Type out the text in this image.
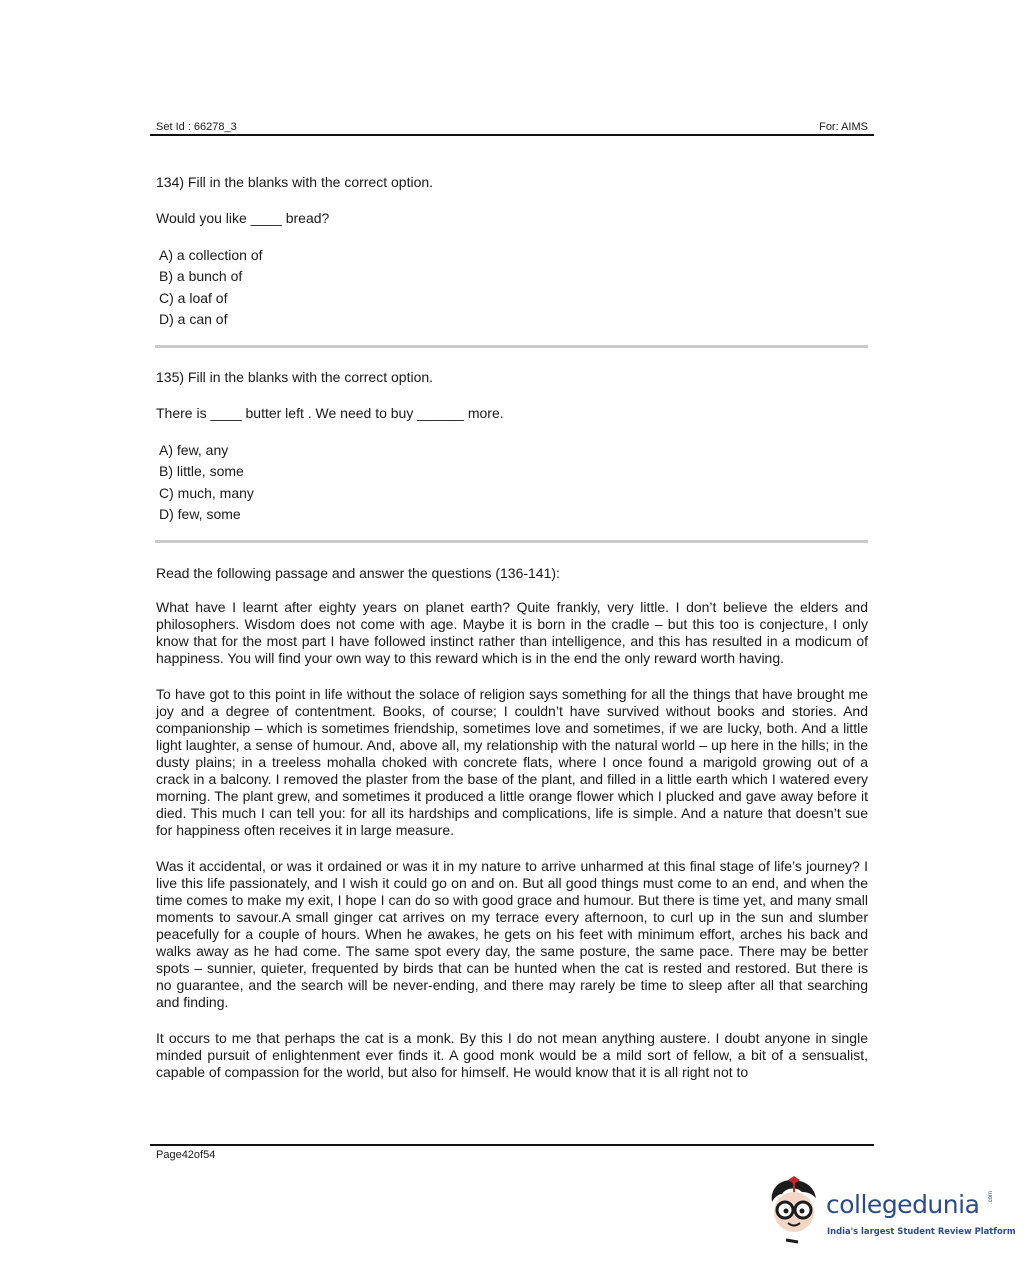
Set Id : 66278_3	For: AIMS
134) Fill in the blanks with the correct option.
Would you like ____ bread?
A) a collection of
B) a bunch of
C) a loaf of
D) a can of
135) Fill in the blanks with the correct option.
There is ____ butter left . We need to buy ______ more.
A) few, any
B) little, some
C) much, many
D) few, some

Read the following passage and answer the questions (136-141):

What have I learnt after eighty years on planet earth? Quite frankly, very little. I don’t believe the elders and philosophers. Wisdom does not come with age. Maybe it is born in the cradle – but this too is conjecture, I only know that for the most part I have followed instinct rather than intelligence, and this has resulted in a modicum of happiness. You will find your own way to this reward which is in the end the only reward worth having.

To have got to this point in life without the solace of religion says something for all the things that have brought me joy and a degree of contentment. Books, of course; I couldn’t have survived without books and stories. And companionship – which is sometimes friendship, sometimes love and sometimes, if we are lucky, both. And a little light laughter, a sense of humour. And, above all, my relationship with the natural world – up here in the hills; in the dusty plains; in a treeless mohalla choked with concrete flats, where I once found a marigold growing out of a crack in a balcony. I removed the plaster from the base of the plant, and filled in a little earth which I watered every morning. The plant grew, and sometimes it produced a little orange flower which I plucked and gave away before it died. This much I can tell you: for all its hardships and complications, life is simple. And a nature that doesn’t sue for happiness often receives it in large measure.

Was it accidental, or was it ordained or was it in my nature to arrive unharmed at this final stage of life’s journey? I live this life passionately, and I wish it could go on and on. But all good things must come to an end, and when the time comes to make my exit, I hope I can do so with good grace and humour. But there is time yet, and many small moments to savour.A small ginger cat arrives on my terrace every afternoon, to curl up in the sun and slumber peacefully for a couple of hours. When he awakes, he gets on his feet with minimum effort, arches his back and walks away as he had come. The same spot every day, the same posture, the same pace. There may be better spots – sunnier, quieter, frequented by birds that can be hunted when the cat is rested and restored. But there is no guarantee, and the search will be never-ending, and there may rarely be time to sleep after all that searching and finding.

It occurs to me that perhaps the cat is a monk. By this I do not mean anything austere. I doubt anyone in single minded pursuit of enlightenment ever finds it. A good monk would be a mild sort of fellow, a bit of a sensualist, capable of compassion for the world, but also for himself. He would know that it is all right not to

Page42of54
collegedunia .com
India's largest Student Review Platform
